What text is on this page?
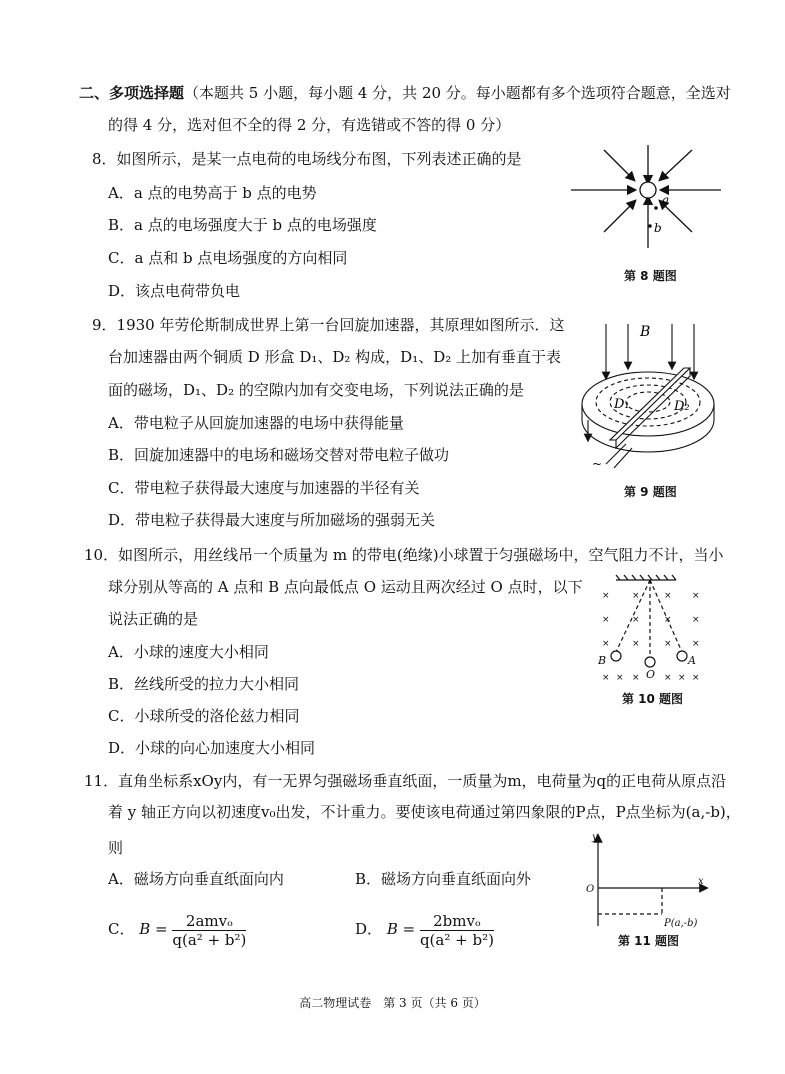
二、多项选择题（本题共 5 小题，每小题 4 分，共 20 分。每小题都有多个选项符合题意，全选对
的得 4 分，选对但不全的得 2 分，有选错或不答的得 0 分）
8．如图所示，是某一点电荷的电场线分布图，下列表述正确的是
A．a 点的电势高于 b 点的电势
B．a 点的电场强度大于 b 点的电场强度
C．a 点和 b 点电场强度的方向相同
D．该点电荷带负电
a
b
第 8 题图
9．1930 年劳伦斯制成世界上第一台回旋加速器，其原理如图所示．这
台加速器由两个铜质 D 形盒 D₁、D₂ 构成，D₁、D₂ 上加有垂直于表
面的磁场，D₁、D₂ 的空隙内加有交变电场，下列说法正确的是
A．带电粒子从回旋加速器的电场中获得能量
B．回旋加速器中的电场和磁场交替对带电粒子做功
C．带电粒子获得最大速度与加速器的半径有关
D．带电粒子获得最大速度与所加磁场的强弱无关
B
D₁	D₂
~
第 9 题图
10．如图所示，用丝线吊一个质量为 m 的带电(绝缘)小球置于匀强磁场中，空气阻力不计，当小
球分别从等高的 A 点和 B 点向最低点 O 运动且两次经过 O 点时，以下
说法正确的是
A．小球的速度大小相同
B．丝线所受的拉力大小相同
C．小球所受的洛伦兹力相同
D．小球的向心加速度大小相同
× ×	× ×
× ×	× ×
× ×	× ×
× × ×	× × ×
B
O
A
第 10 题图
11．直角坐标系xOy内，有一无界匀强磁场垂直纸面，一质量为m，电荷量为q的正电荷从原点沿
着 y 轴正方向以初速度v₀出发，不计重力。要使该电荷通过第四象限的P点，P点坐标为(a,-b)，
则
A．磁场方向垂直纸面向内	B．磁场方向垂直纸面向外
C． $B = \frac{\text{2amvₒ}}{\text{q(a² + b²)}}$	D． $B = \frac{\text{2bmvₒ}}{\text{q(a² + b²)}}$
y
x
O
P(a,-b)
第 11 题图
高二物理试卷　第 3 页（共 6 页）
